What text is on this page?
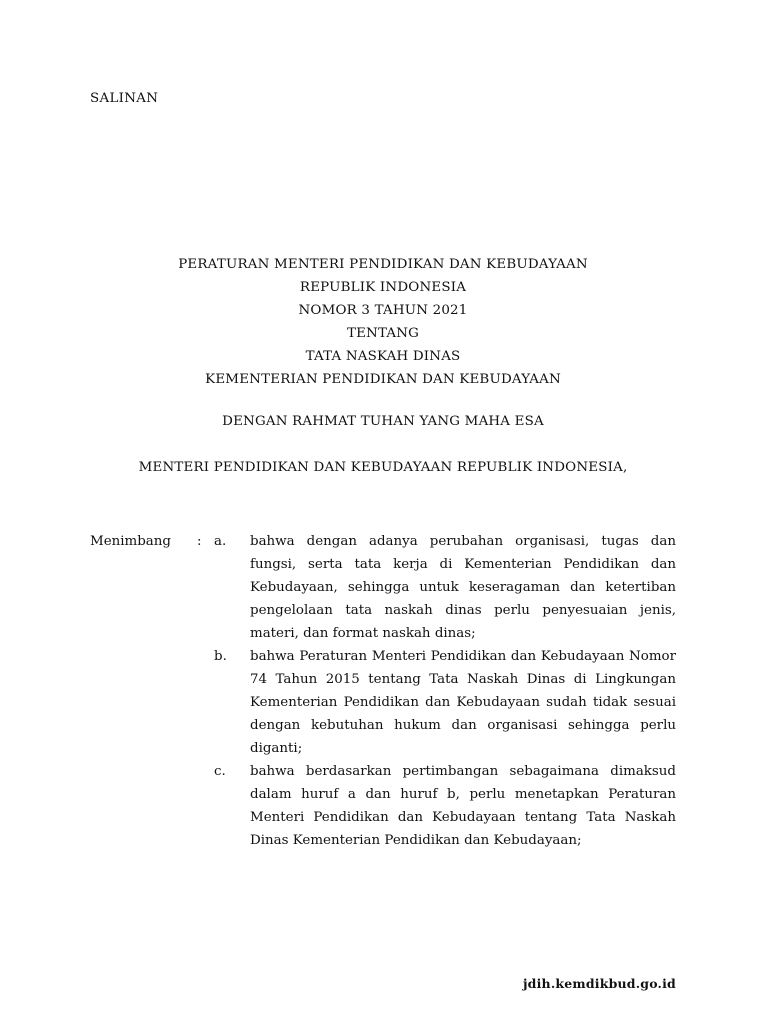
SALINAN
PERATURAN MENTERI PENDIDIKAN DAN KEBUDAYAAN
REPUBLIK INDONESIA
NOMOR 3 TAHUN 2021
TENTANG
TATA NASKAH DINAS
KEMENTERIAN PENDIDIKAN DAN KEBUDAYAAN
DENGAN RAHMAT TUHAN YANG MAHA ESA
MENTERI PENDIDIKAN DAN KEBUDAYAAN REPUBLIK INDONESIA,
Menimbang : a. bahwa dengan adanya perubahan organisasi, tugas dan fungsi, serta tata kerja di Kementerian Pendidikan dan Kebudayaan, sehingga untuk keseragaman dan ketertiban pengelolaan tata naskah dinas perlu penyesuaian jenis, materi, dan format naskah dinas;
b. bahwa Peraturan Menteri Pendidikan dan Kebudayaan Nomor 74 Tahun 2015 tentang Tata Naskah Dinas di Lingkungan Kementerian Pendidikan dan Kebudayaan sudah tidak sesuai dengan kebutuhan hukum dan organisasi sehingga perlu diganti;
c. bahwa berdasarkan pertimbangan sebagaimana dimaksud dalam huruf a dan huruf b, perlu menetapkan Peraturan Menteri Pendidikan dan Kebudayaan tentang Tata Naskah Dinas Kementerian Pendidikan dan Kebudayaan;
jdih.kemdikbud.go.id
